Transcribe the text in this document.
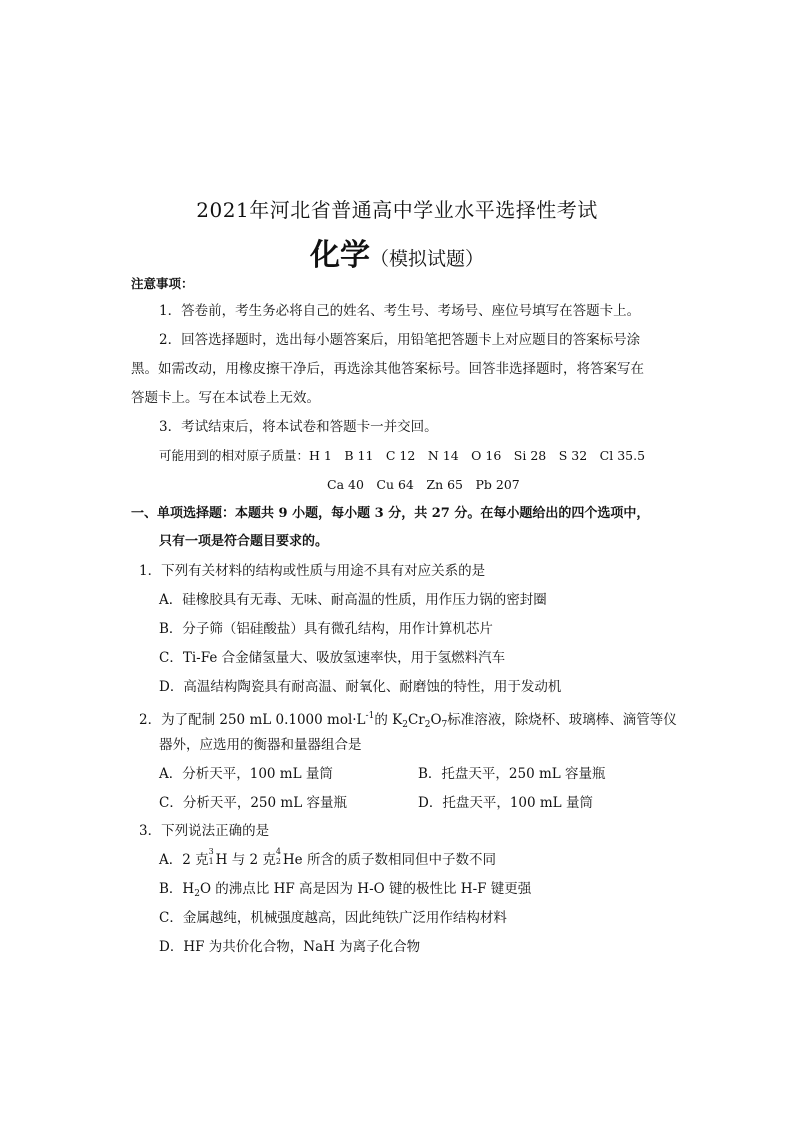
2021年河北省普通高中学业水平选择性考试
化学（模拟试题）
注意事项：
1．答卷前，考生务必将自己的姓名、考生号、考场号、座位号填写在答题卡上。
2．回答选择题时，选出每小题答案后，用铅笔把答题卡上对应题目的答案标号涂
黑。如需改动，用橡皮擦干净后，再选涂其他答案标号。回答非选择题时，将答案写在
答题卡上。写在本试卷上无效。
3．考试结束后，将本试卷和答题卡一并交回。
可能用到的相对原子质量：H 1　B 11　C 12　N 14　O 16　Si 28　S 32　Cl 35.5
Ca 40　Cu 64　Zn 65　Pb 207
一、单项选择题：本题共 9 小题，每小题 3 分，共 27 分。在每小题给出的四个选项中，
只有一项是符合题目要求的。
1．下列有关材料的结构或性质与用途不具有对应关系的是
A．硅橡胶具有无毒、无味、耐高温的性质，用作压力锅的密封圈
B．分子筛（铝硅酸盐）具有微孔结构，用作计算机芯片
C．Ti-Fe 合金储氢量大、吸放氢速率快，用于氢燃料汽车
D．高温结构陶瓷具有耐高温、耐氧化、耐磨蚀的特性，用于发动机
2．为了配制 250 mL 0.1000 $mol\cdot L^{-1}$的 $K_2Cr_2O_7$标准溶液，除烧杯、玻璃棒、滴管等仪
器外，应选用的衡器和量器组合是
A．分析天平，100 mL 量筒	B．托盘天平，250 mL 容量瓶
C．分析天平，250 mL 容量瓶	D．托盘天平，100 mL 量筒
3．下列说法正确的是
A．2 克
3
1 H 与 2 克
4
2 He 所含的质子数相同但中子数不同
B．$H_2O$ 的沸点比 HF 高是因为 H-O 键的极性比 H-F 键更强
C．金属越纯，机械强度越高，因此纯铁广泛用作结构材料
D．HF 为共价化合物，NaH 为离子化合物
